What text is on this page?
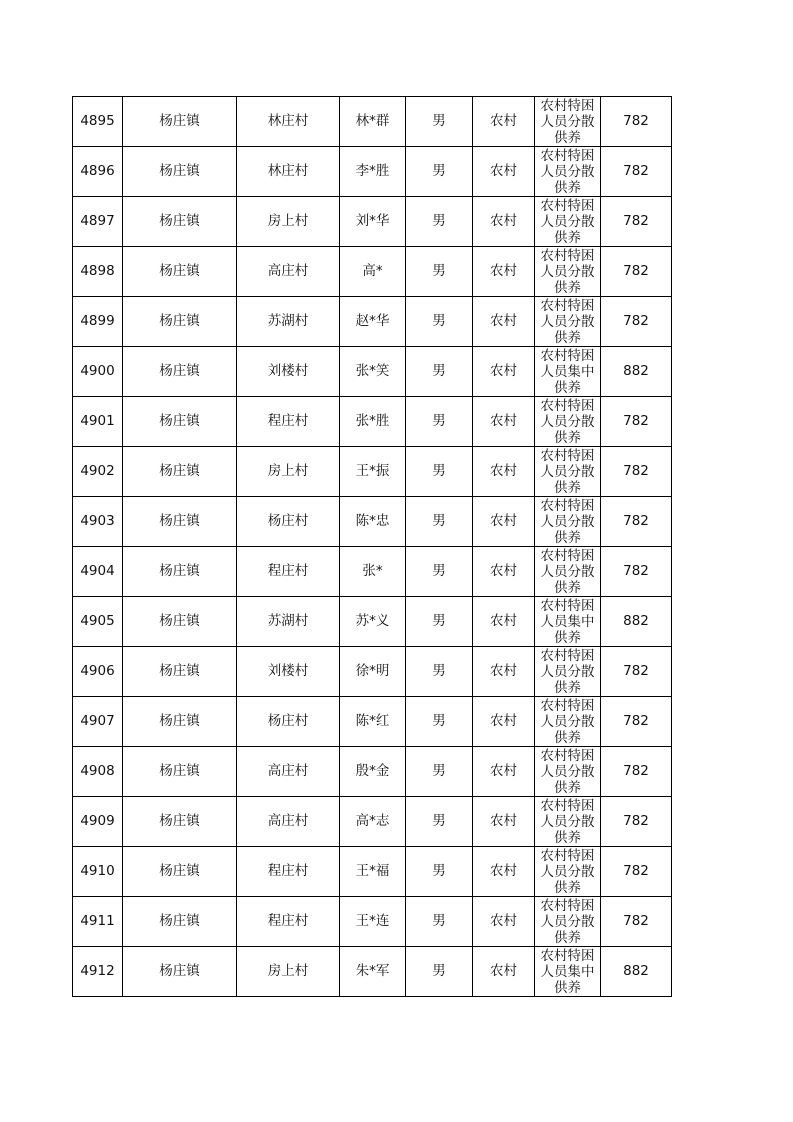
4895	杨庄镇	林庄村	林*群	男	农村	农村特困
人员分散
供养	782
4896	杨庄镇	林庄村	李*胜	男	农村	农村特困
人员分散
供养	782
4897	杨庄镇	房上村	刘*华	男	农村	农村特困
人员分散
供养	782
4898	杨庄镇	高庄村	高*	男	农村	农村特困
人员分散
供养	782
4899	杨庄镇	苏湖村	赵*华	男	农村	农村特困
人员分散
供养	782
4900	杨庄镇	刘楼村	张*笑	男	农村	农村特困
人员集中
供养	882
4901	杨庄镇	程庄村	张*胜	男	农村	农村特困
人员分散
供养	782
4902	杨庄镇	房上村	王*振	男	农村	农村特困
人员分散
供养	782
4903	杨庄镇	杨庄村	陈*忠	男	农村	农村特困
人员分散
供养	782
4904	杨庄镇	程庄村	张*	男	农村	农村特困
人员分散
供养	782
4905	杨庄镇	苏湖村	苏*义	男	农村	农村特困
人员集中
供养	882
4906	杨庄镇	刘楼村	徐*明	男	农村	农村特困
人员分散
供养	782
4907	杨庄镇	杨庄村	陈*红	男	农村	农村特困
人员分散
供养	782
4908	杨庄镇	高庄村	殷*金	男	农村	农村特困
人员分散
供养	782
4909	杨庄镇	高庄村	高*志	男	农村	农村特困
人员分散
供养	782
4910	杨庄镇	程庄村	王*福	男	农村	农村特困
人员分散
供养	782
4911	杨庄镇	程庄村	王*连	男	农村	农村特困
人员分散
供养	782
4912	杨庄镇	房上村	朱*军	男	农村	农村特困
人员集中
供养	882
